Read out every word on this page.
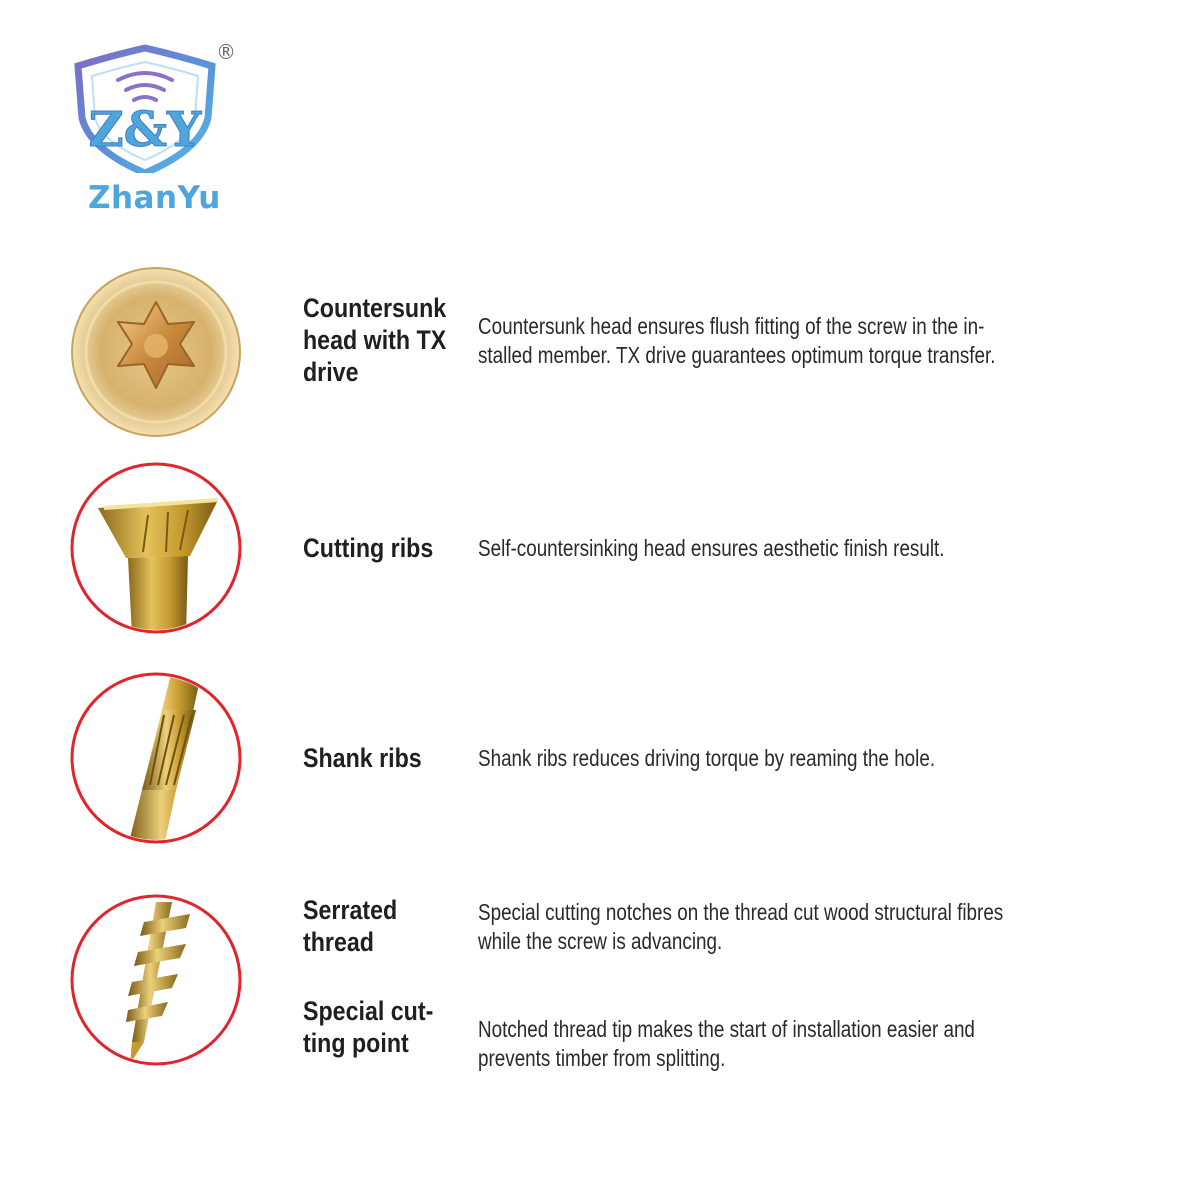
Z&Y
®
ZhanYu
Countersunk
head with TX
drive
Countersunk head ensures flush fitting of the screw in the in-stalled member. TX drive guarantees optimum torque transfer.
Cutting ribs Self-countersinking head ensures aesthetic finish result.
Shank ribs Shank ribs reduces driving torque by reaming the hole.
Serrated
thread
Special cutting notches on the thread cut wood structural fibres while the screw is advancing.
Special cut-
ting point	Notched thread tip makes the start of installation easier and prevents timber from splitting.
